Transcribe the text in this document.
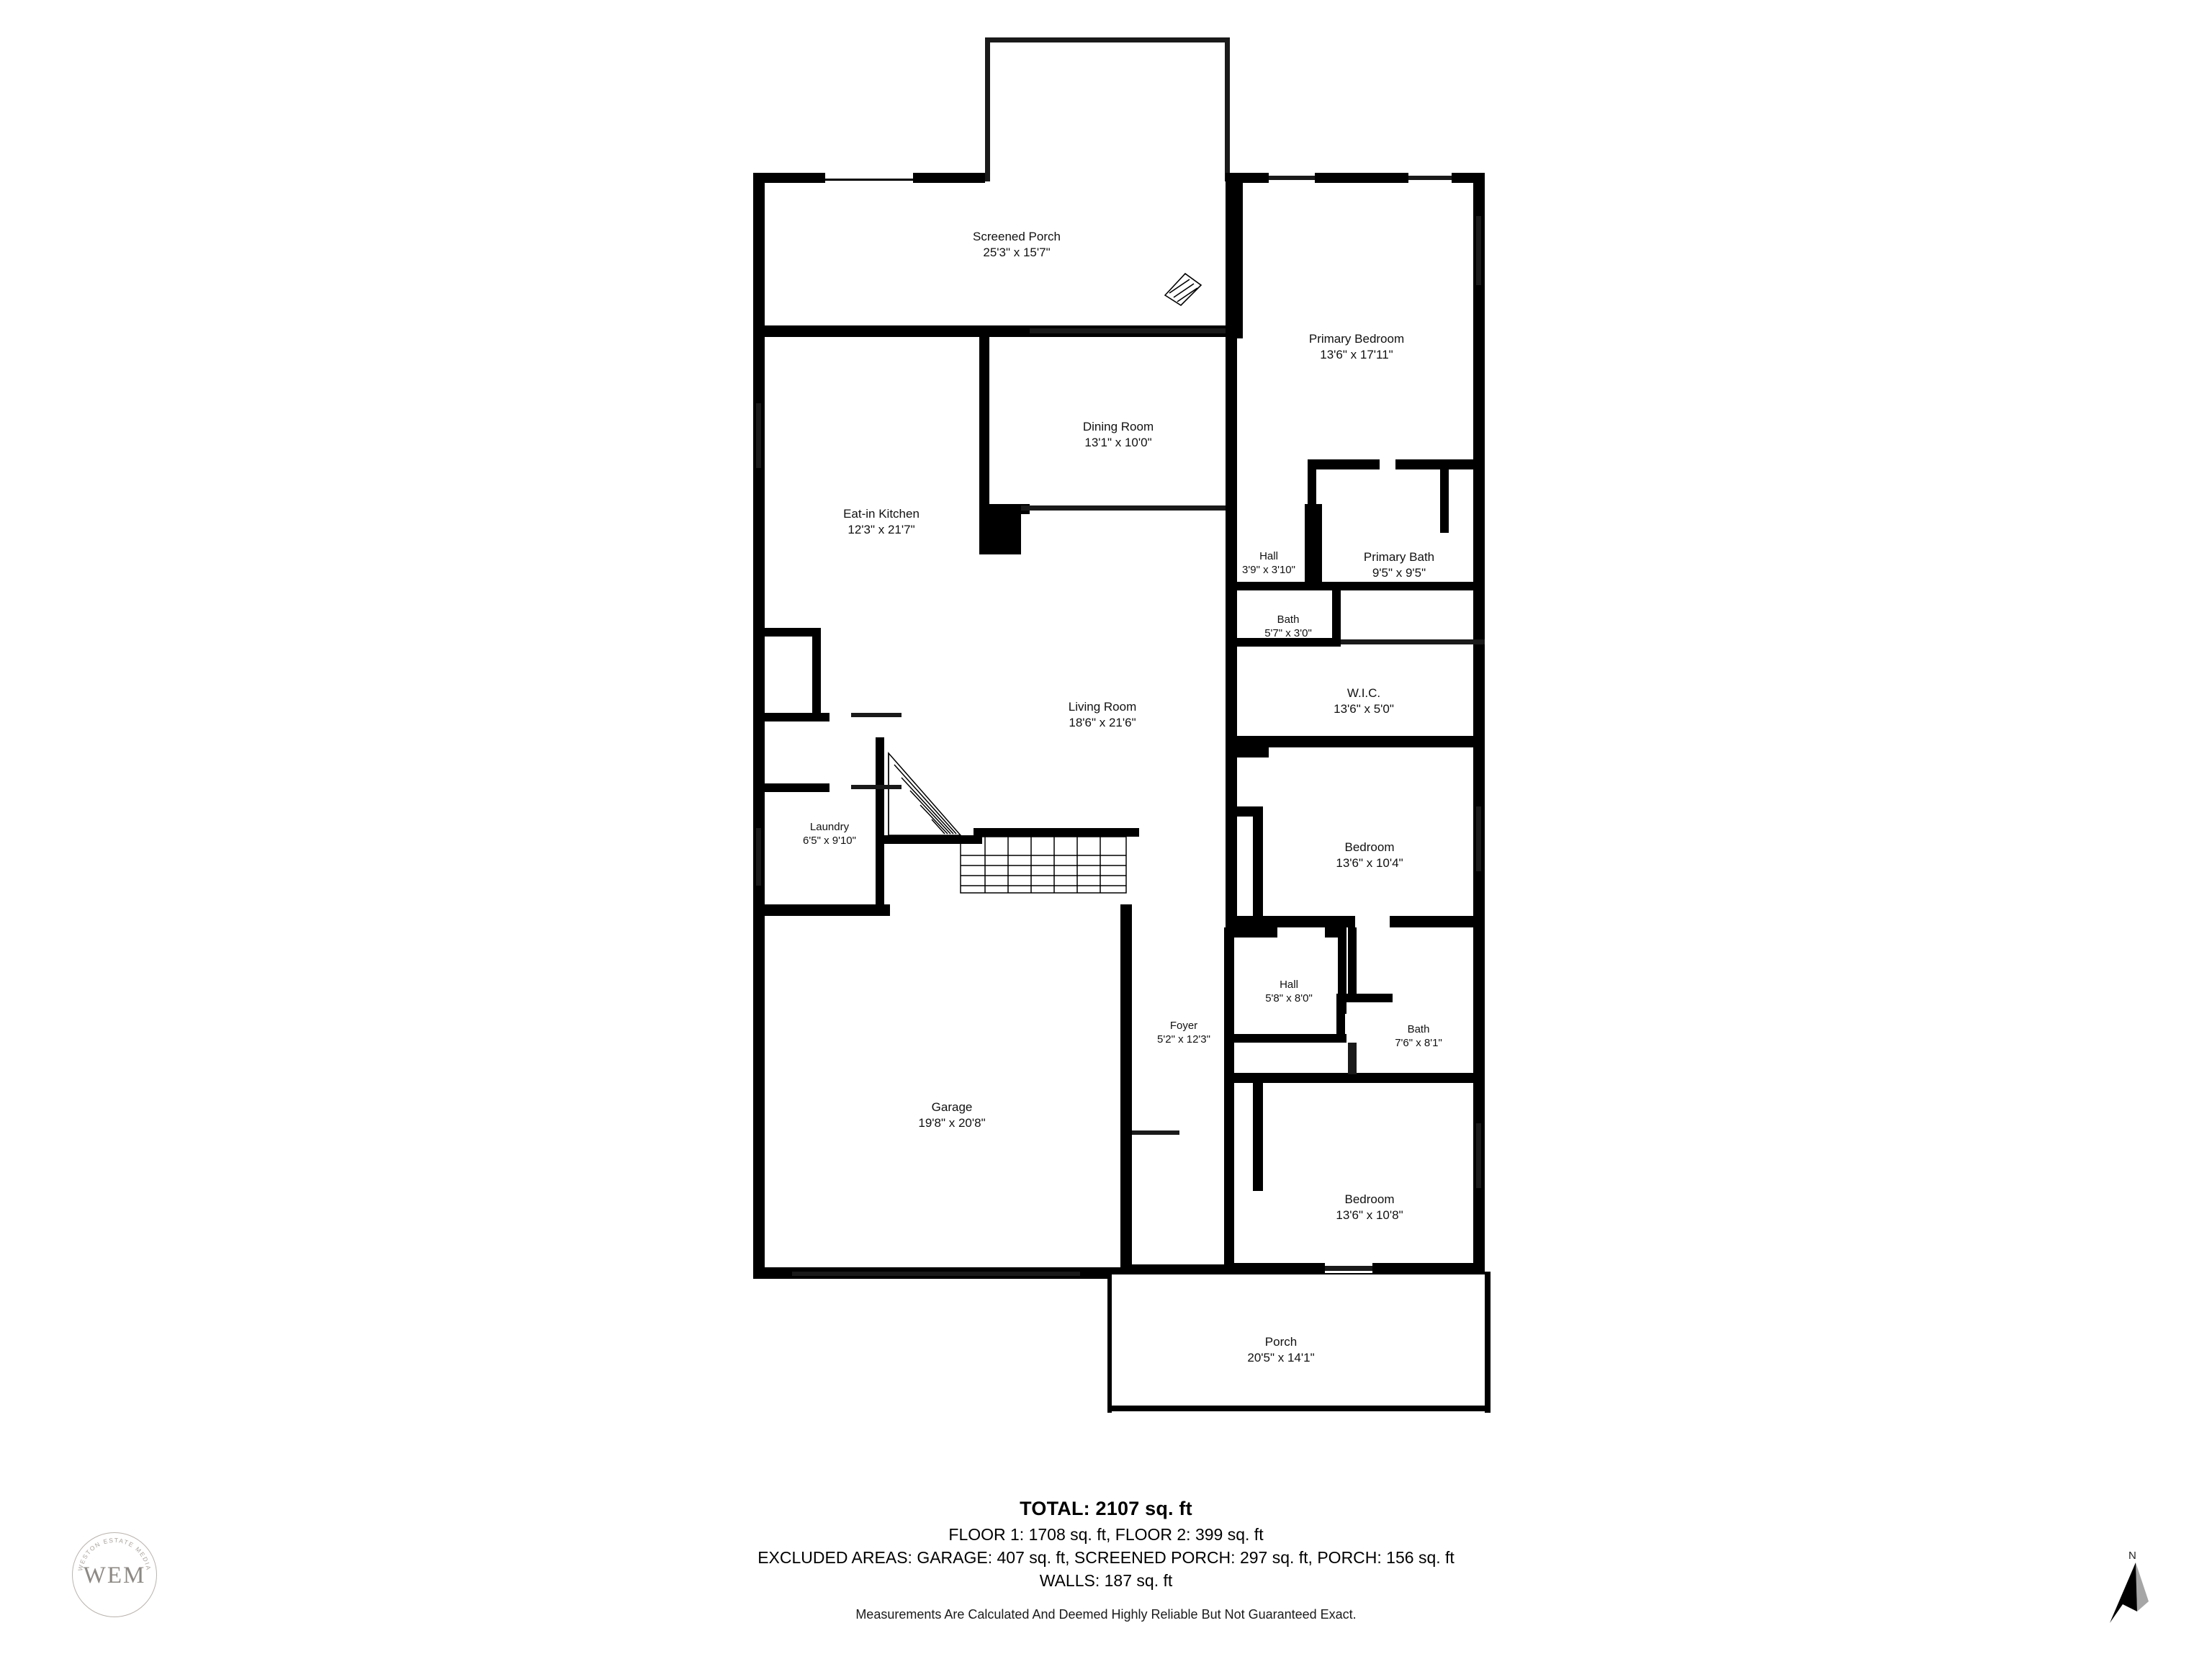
Screened Porch
25'3" x 15'7"
Primary Bedroom
13'6" x 17'11"
Dining Room
13'1" x 10'0"
Eat-in Kitchen
12'3" x 21'7"
Hall
3'9" x 3'10"
Primary Bath
9'5" x 9'5"
Bath
5'7" x 3'0"
Living Room
18'6" x 21'6"
W.I.C.
13'6" x 5'0"
Laundry
6'5" x 9'10"	Bedroom
13'6" x 10'4"
Hall
5'8" x 8'0"
Foyer
5'2" x 12'3"
Bath
7'6" x 8'1"
Garage
19'8" x 20'8"
Bedroom
13'6" x 10'8"
Porch
20'5" x 14'1"
TOTAL: 2107 sq. ft
FLOOR 1: 1708 sq. ft, FLOOR 2: 399 sq. ft
EXCLUDED AREAS: GARAGE: 407 sq. ft, SCREENED PORCH: 297 sq. ft, PORCH: 156 sq. ft
WALLS: 187 sq. ft
Measurements Are Calculated And Deemed Highly Reliable But Not Guaranteed Exact.
WESTON ESTATE MEDIA
WEM
N
